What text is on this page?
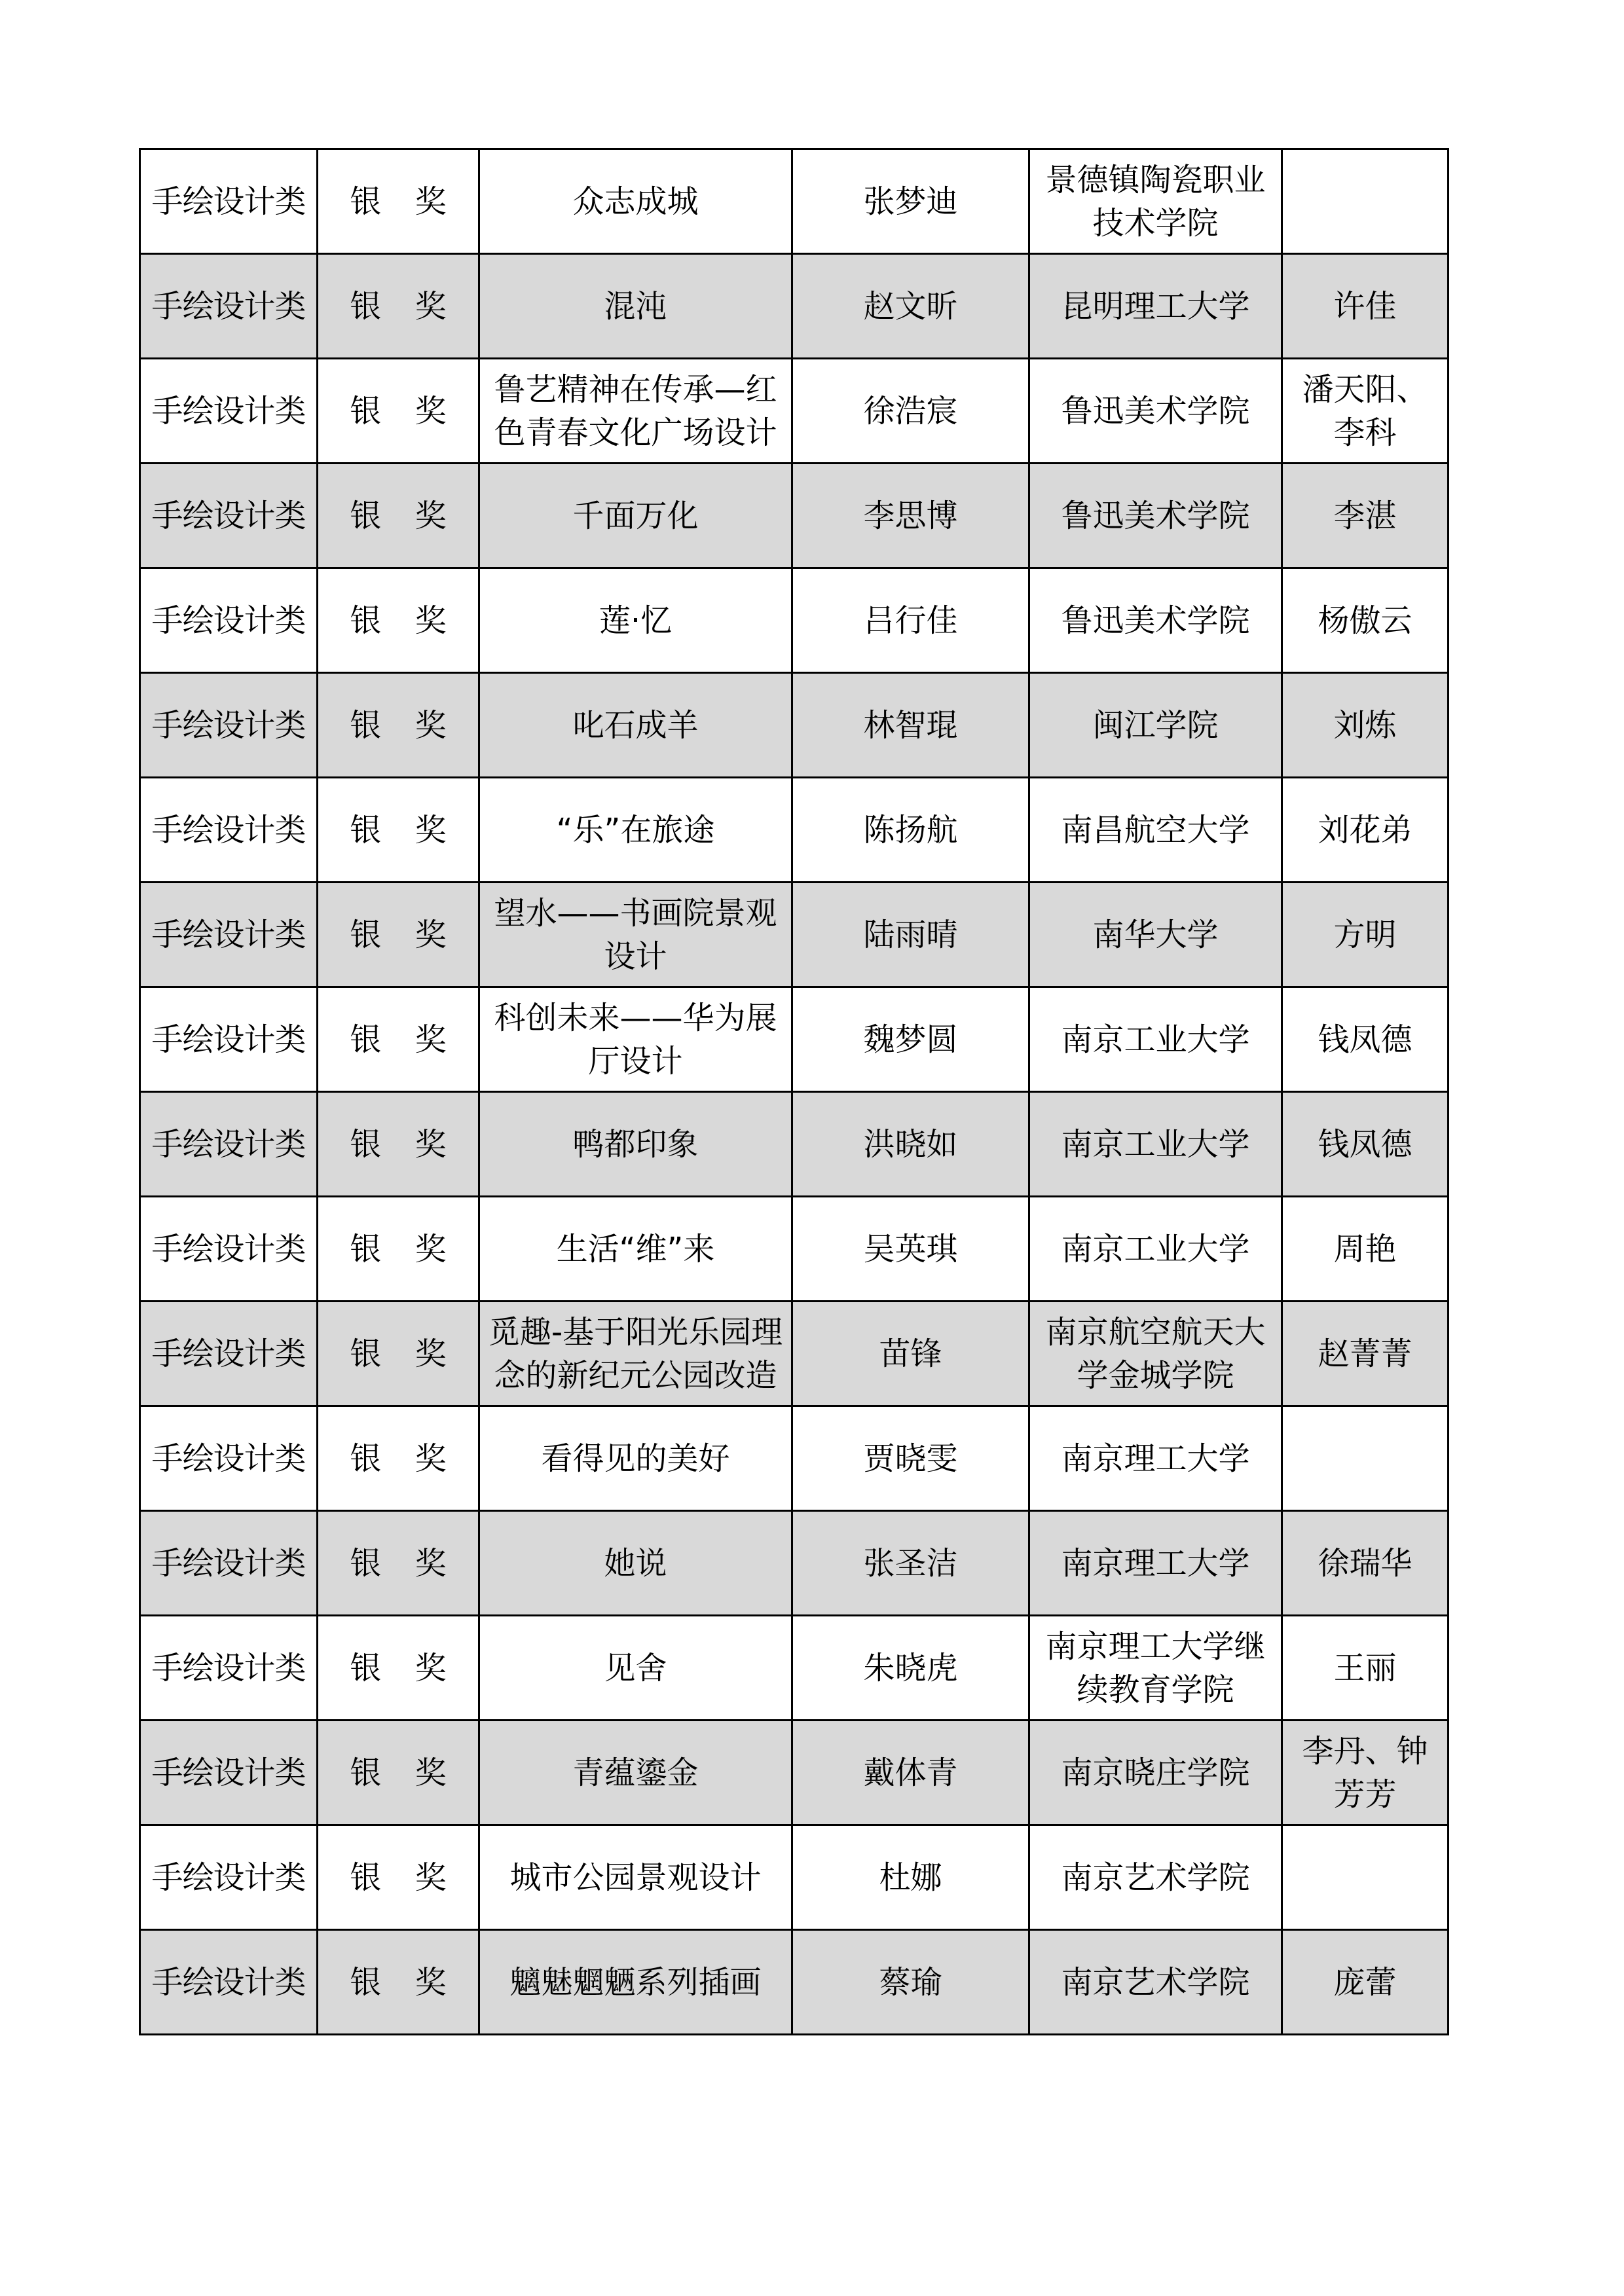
手绘设计类	银 奖	众志成城	张梦迪	景德镇陶瓷职业技术学院	

手绘设计类	银 奖	混沌	赵文昕	昆明理工大学	许佳

手绘设计类	银 奖	鲁艺精神在传承—红色青春文化广场设计	徐浩宸	鲁迅美术学院	潘天阳、李科

手绘设计类	银 奖	千面万化	李思博	鲁迅美术学院	李湛

手绘设计类	银 奖	莲·忆	吕行佳	鲁迅美术学院	杨傲云

手绘设计类	银 奖	叱石成羊	林智琨	闽江学院	刘炼

手绘设计类	银 奖	“乐”在旅途	陈扬航	南昌航空大学	刘花弟

手绘设计类	银 奖	望水——书画院景观设计	陆雨晴	南华大学	方明

手绘设计类	银 奖	科创未来——华为展厅设计	魏梦圆	南京工业大学	钱凤德

手绘设计类	银 奖	鸭都印象	洪晓如	南京工业大学	钱凤德

手绘设计类	银 奖	生活“维”来	吴英琪	南京工业大学	周艳

手绘设计类	银 奖	觅趣-基于阳光乐园理念的新纪元公园改造	苗锋	南京航空航天大学金城学院	赵菁菁

手绘设计类	银 奖	看得见的美好	贾晓雯	南京理工大学	

手绘设计类	银 奖	她说	张圣洁	南京理工大学	徐瑞华

手绘设计类	银 奖	见舍	朱晓虎	南京理工大学继续教育学院	王丽

手绘设计类	银 奖	青蕴鎏金	戴体青	南京晓庄学院	李丹、钟芳芳

手绘设计类	银 奖	城市公园景观设计	杜娜	南京艺术学院	

手绘设计类	银 奖	魑魅魍魉系列插画	蔡瑜	南京艺术学院	庞蕾
